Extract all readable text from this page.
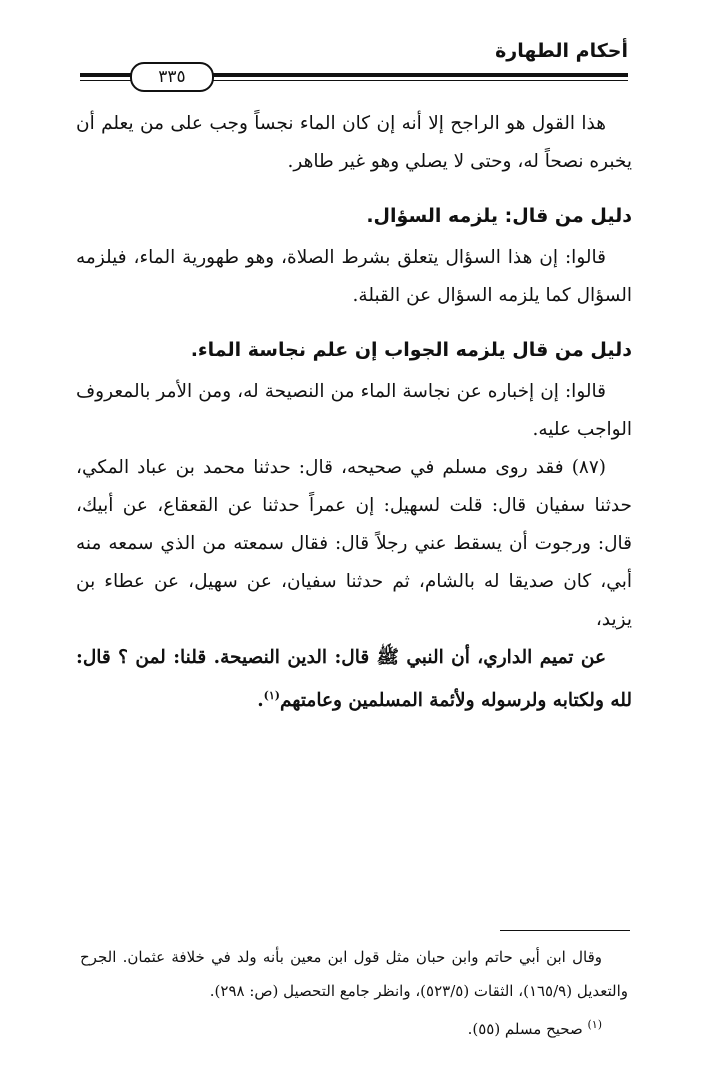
أحكام الطهارة
٣٣٥

هذا القول هو الراجح إلا أنه إن كان الماء نجساً وجب على من يعلم أن يخبره نصحاً له، وحتى لا يصلي وهو غير طاهر.

دليل من قال: يلزمه السؤال.

قالوا: إن هذا السؤال يتعلق بشرط الصلاة، وهو طهورية الماء، فيلزمه السؤال كما يلزمه السؤال عن القبلة.

دليل من قال يلزمه الجواب إن علم نجاسة الماء.

قالوا: إن إخباره عن نجاسة الماء من النصيحة له، ومن الأمر بالمعروف الواجب عليه.

(٨٧) فقد روى مسلم في صحيحه، قال: حدثنا محمد بن عباد المكي، حدثنا سفيان قال: قلت لسهيل: إن عمراً حدثنا عن القعقاع، عن أبيك، قال: ورجوت أن يسقط عني رجلاً قال: فقال سمعته من الذي سمعه منه أبي، كان صديقا له بالشام، ثم حدثنا سفيان، عن سهيل، عن عطاء بن يزيد،

عن تميم الداري، أن النبي ﷺ قال: الدين النصيحة. قلنا: لمن ؟ قال: لله ولكتابه ولرسوله ولأئمة المسلمين وعامتهم$^{(١)}$.

وقال ابن أبي حاتم وابن حبان مثل قول ابن معين بأنه ولد في خلافة عثمان. الجرح والتعديل (١٦٥/٩)، الثقات (٥٢٣/٥)، وانظر جامع التحصيل (ص: ٢٩٨).

$^{(١)}$ صحيح مسلم (٥٥).
